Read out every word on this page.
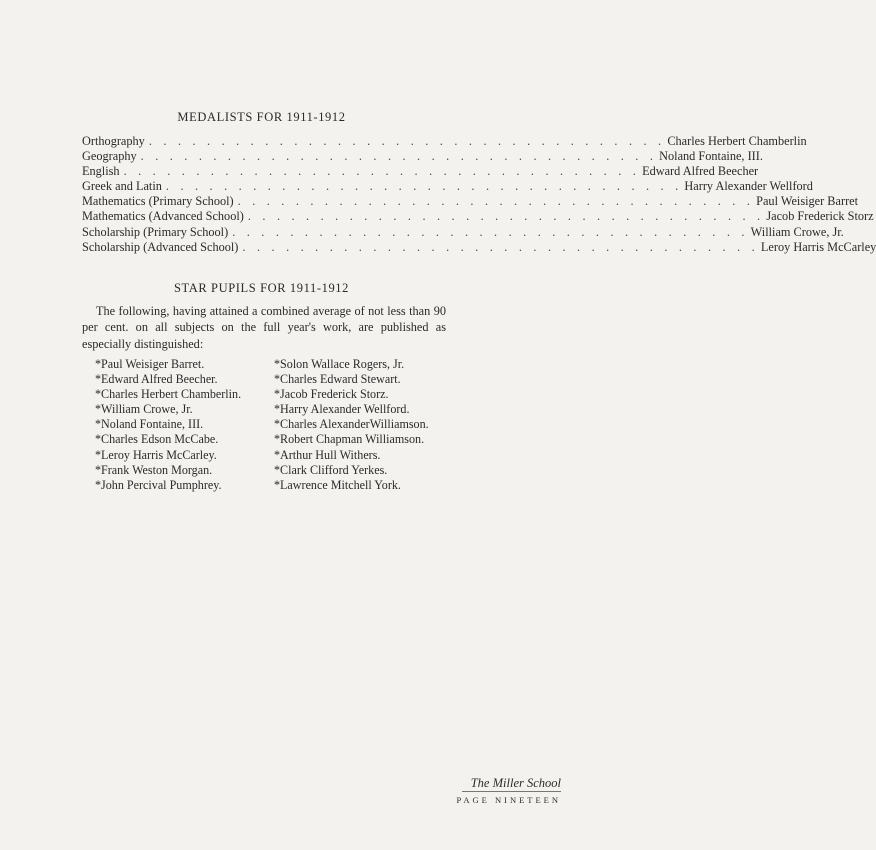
MEDALISTS FOR 1911-1912
Orthography . . . . . . . . . . . . . . . . . . . . . . . . . . . . . . . . . . . . Charles Herbert Chamberlin
Geography . . . . . . . . . . . . . . . . . . . . . . . . . . . . . . . . . . . . Noland Fontaine, III.
English . . . . . . . . . . . . . . . . . . . . . . . . . . . . . . . . . . . . Edward Alfred Beecher
Greek and Latin . . . . . . . . . . . . . . . . . . . . . . . . . . . . . . . . . . . . Harry Alexander Wellford
Mathematics (Primary School) . . . . . . . . . . . . . . . . . . . . . . . . . . . . . . . . . . . . Paul Weisiger Barret
Mathematics (Advanced School) . . . . . . . . . . . . . . . . . . . . . . . . . . . . . . . . . . . . Jacob Frederick Storz
Scholarship (Primary School) . . . . . . . . . . . . . . . . . . . . . . . . . . . . . . . . . . . . William Crowe, Jr.
Scholarship (Advanced School) . . . . . . . . . . . . . . . . . . . . . . . . . . . . . . . . . . . . Leroy Harris McCarley
STAR PUPILS FOR 1911-1912
The following, having attained a combined average of not less than 90 per cent. on all subjects on the full year's work, are published as especially distinguished:
*Paul Weisiger Barret.
*Edward Alfred Beecher.
*Charles Herbert Chamberlin.
*William Crowe, Jr.
*Noland Fontaine, III.
*Charles Edson McCabe.
*Leroy Harris McCarley.
*Frank Weston Morgan.
*John Percival Pumphrey.
*Solon Wallace Rogers, Jr.
*Charles Edward Stewart.
*Jacob Frederick Storz.
*Harry Alexander Wellford.
*Charles AlexanderWilliamson.
*Robert Chapman Williamson.
*Arthur Hull Withers.
*Clark Clifford Yerkes.
*Lawrence Mitchell York.
The Miller School
PAGE NINETEEN
